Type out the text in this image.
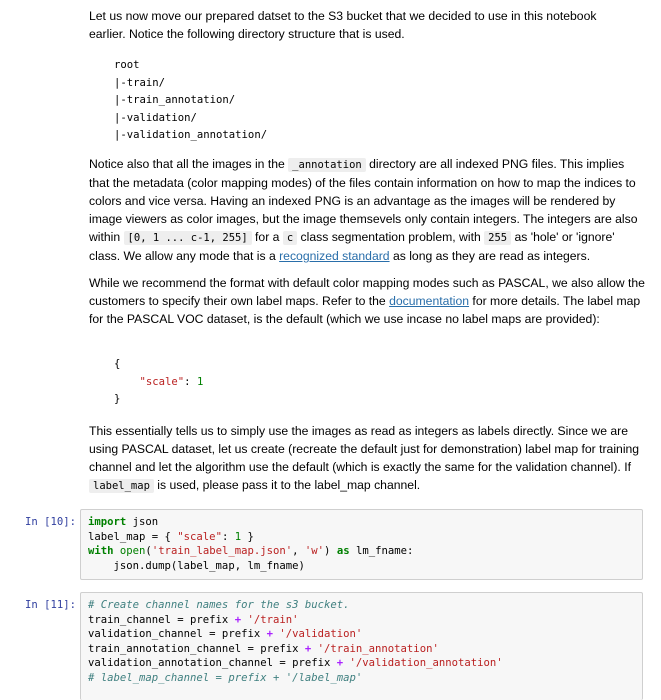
Let us now move our prepared datset to the S3 bucket that we decided to use in this notebook

earlier. Notice the following directory structure that is used.

root
|-train/
|-train_annotation/
|-validation/
|-validation_annotation/

Notice also that all the images in the _annotation directory are all indexed PNG files. This implies that the metadata (color mapping modes) of the files contain information on how to map the indices to colors and vice versa. Having an indexed PNG is an advantage as the images will be rendered by image viewers as color images, but the image themsevels only contain integers. The integers are also within [0, 1 ... c-1, 255] for a c class segmentation problem, with 255 as 'hole' or 'ignore' class. We allow any mode that is a recognized standard as long as they are read as integers.

While we recommend the format with default color mapping modes such as PASCAL, we also allow the customers to specify their own label maps. Refer to the documentation for more details. The label map for the PASCAL VOC dataset, is the default (which we use incase no label maps are provided):

{
"scale": 1
}

This essentially tells us to simply use the images as read as integers as labels directly. Since we are using PASCAL dataset, let us create (recreate the default just for demonstration) label map for training channel and let the algorithm use the default (which is exactly the same for the validation channel). If label_map is used, please pass it to the label_map channel.

In [10]: import json
label_map = { "scale": 1 }
with open('train_label_map.json', 'w') as lm_fname:
json.dump(label_map, lm_fname)
In [11]: # Create channel names for the s3 bucket.
train_channel = prefix + '/train'
validation_channel = prefix + '/validation'
train_annotation_channel = prefix + '/train_annotation'
validation_annotation_channel = prefix + '/validation_annotation'
# label_map_channel = prefix + '/label_map'
